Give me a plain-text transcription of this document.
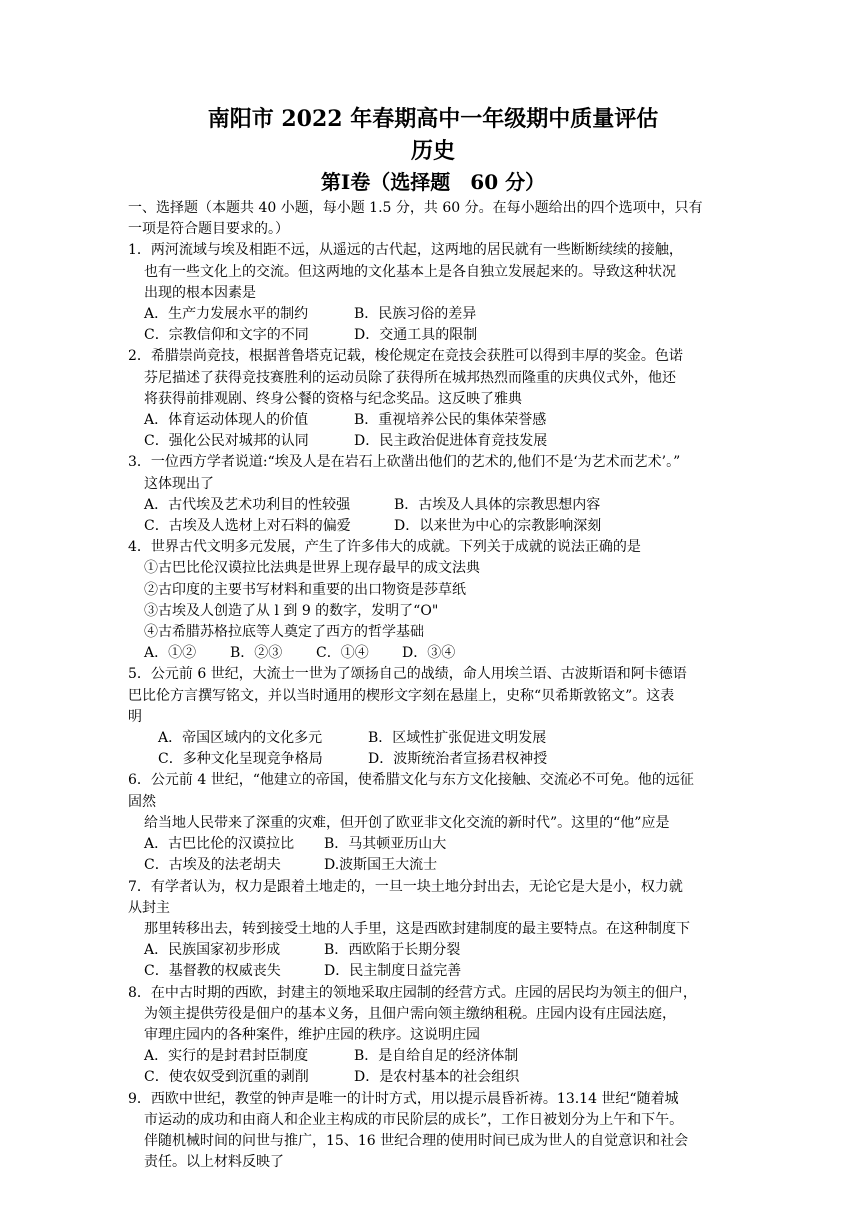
南阳市 2022 年春期高中一年级期中质量评估
历史
第Ⅰ卷（选择题　60 分）
一、选择题（本题共 40 小题，每小题 1.5 分，共 60 分。在每小题给出的四个选项中，只有
一项是符合题目要求的。）
1．两河流域与埃及相距不远，从遥远的古代起，这两地的居民就有一些断断续续的接触，
也有一些文化上的交流。但这两地的文化基本上是各自独立发展起来的。导致这种状况
出现的根本因素是
A．生产力发展水平的制约	B．民族习俗的差异
C．宗教信仰和文字的不同	D．交通工具的限制
2．希腊崇尚竞技，根据普鲁塔克记载，梭伦规定在竞技会获胜可以得到丰厚的奖金。色诺
芬尼描述了获得竞技赛胜利的运动员除了获得所在城邦热烈而隆重的庆典仪式外，他还
将获得前排观剧、终身公餐的资格与纪念奖品。这反映了雅典
A．体育运动体现人的价值	B．重视培养公民的集体荣誉感
C．强化公民对城邦的认同	D．民主政治促进体育竞技发展
3．一位西方学者说道:“埃及人是在岩石上砍凿出他们的艺术的,他们不是‘为艺术而艺术’。”
这体现出了
A．古代埃及艺术功利目的性较强	B．古埃及人具体的宗教思想内容
C．古埃及人选材上对石料的偏爱	D．以来世为中心的宗教影响深刻
4．世界古代文明多元发展，产生了许多伟大的成就。下列关于成就的说法正确的是
①古巴比伦汉谟拉比法典是世界上现存最早的成文法典
②古印度的主要书写材料和重要的出口物资是莎草纸
③古埃及人创造了从 l 到 9 的数字，发明了“O"
④古希腊苏格拉底等人奠定了西方的哲学基础
A．①②	B．②③	C．①④	D．③④
5．公元前 6 世纪，大流士一世为了颂扬自己的战绩，命人用埃兰语、古波斯语和阿卡德语
巴比伦方言撰写铭文，并以当时通用的楔形文字刻在悬崖上，史称“贝希斯敦铭文”。这表
明
A．帝国区域内的文化多元	B．区域性扩张促进文明发展
C．多种文化呈现竞争格局	D．波斯统治者宣扬君权神授
6．公元前 4 世纪，“他建立的帝国，使希腊文化与东方文化接触、交流必不可免。他的远征
固然
给当地人民带来了深重的灾难，但开创了欧亚非文化交流的新时代”。这里的“他”应是
A．古巴比伦的汉谟拉比	B．马其顿亚历山大
C．古埃及的法老胡夫	D.波斯国王大流士
7．有学者认为，权力是跟着土地走的，一旦一块土地分封出去，无论它是大是小，权力就
从封主
那里转移出去，转到接受土地的人手里，这是西欧封建制度的最主要特点。在这种制度下
A．民族国家初步形成	B．西欧陷于长期分裂
C．基督教的权威丧失	D．民主制度日益完善
8．在中古时期的西欧，封建主的领地采取庄园制的经营方式。庄园的居民均为领主的佃户，
为领主提供劳役是佃户的基本义务，且佃户需向领主缴纳租税。庄园内设有庄园法庭，
审理庄园内的各种案件，维护庄园的秩序。这说明庄园
A．实行的是封君封臣制度	B．是自给自足的经济体制
C．使农奴受到沉重的剥削	D．是农村基本的社会组织
9．西欧中世纪，教堂的钟声是唯一的计时方式，用以提示晨昏祈祷。13.14 世纪“随着城
市运动的成功和由商人和企业主构成的市民阶层的成长”，工作日被划分为上午和下午。
伴随机械时间的问世与推广，15、16 世纪合理的使用时间已成为世人的自觉意识和社会
责任。以上材料反映了
